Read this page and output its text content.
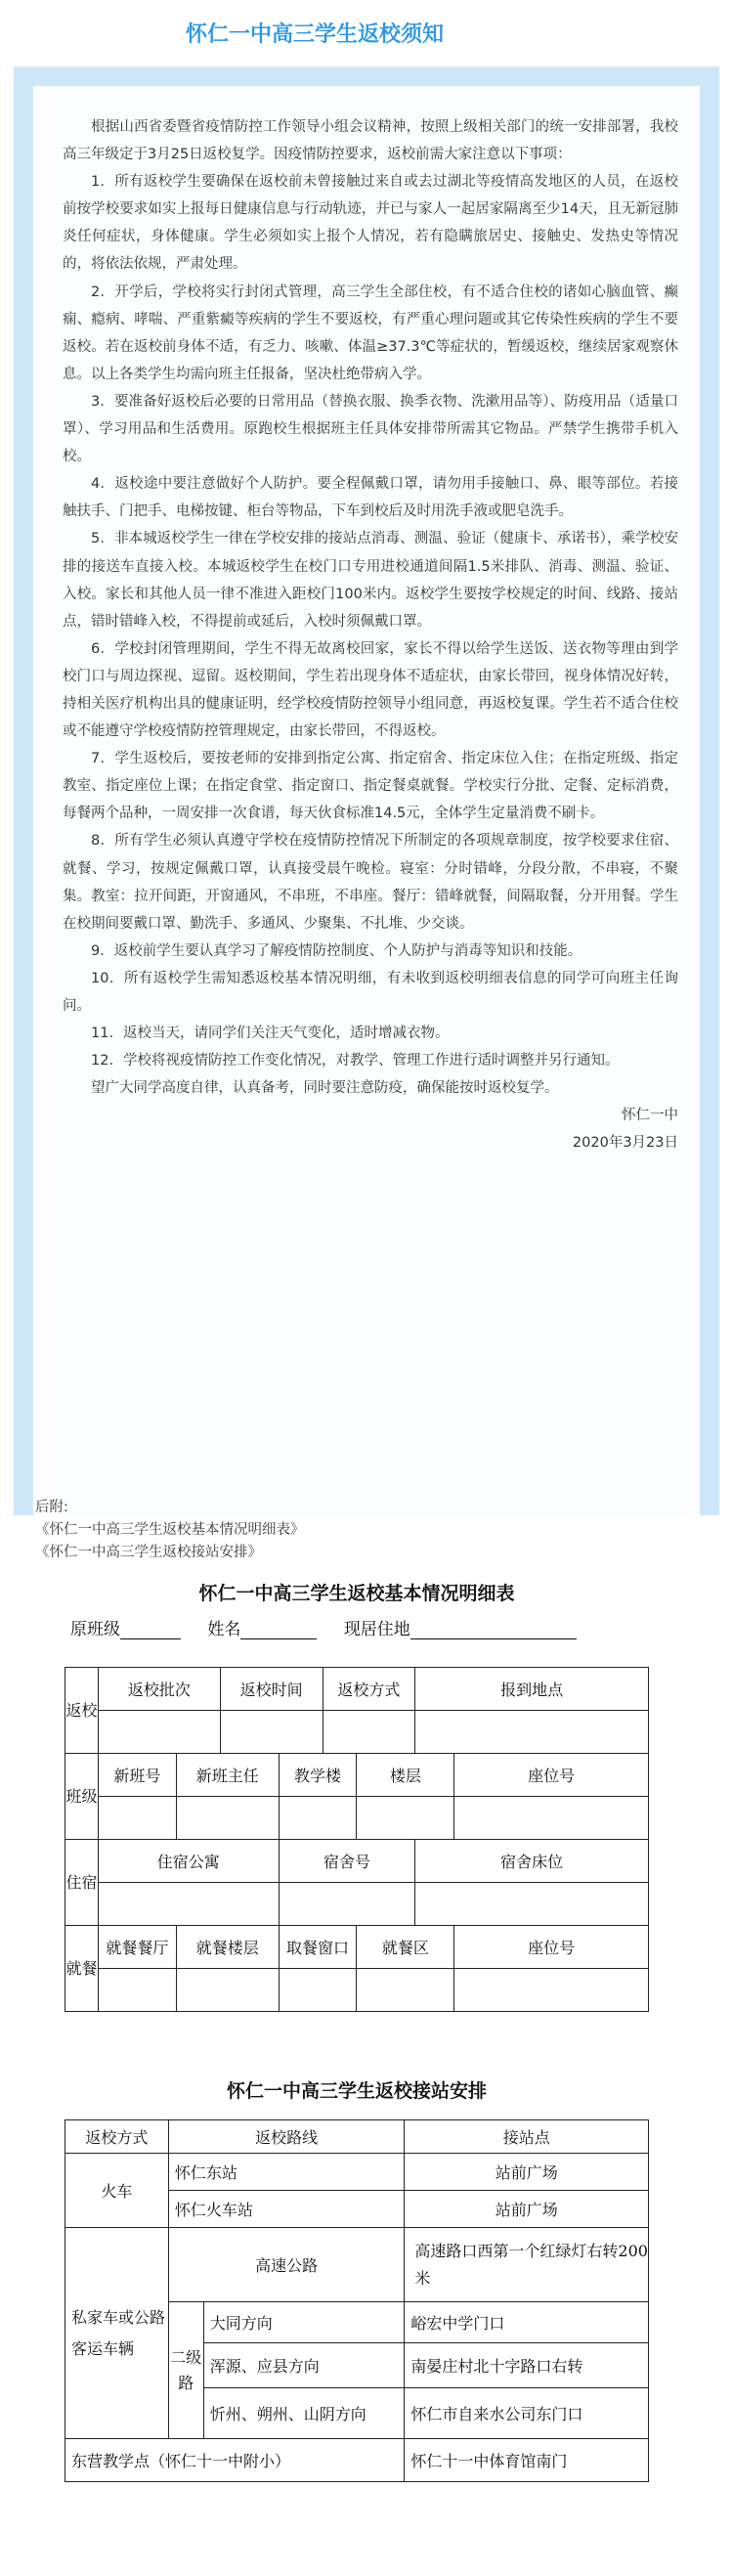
怀仁一中高三学生返校须知

根据山西省委暨省疫情防控工作领导小组会议精神，按照上级相关部门的统一安排部署，我校高三年级定于3月25日返校复学。因疫情防控要求，返校前需大家注意以下事项：

1．所有返校学生要确保在返校前未曾接触过来自或去过湖北等疫情高发地区的人员，在返校前按学校要求如实上报每日健康信息与行动轨迹，并已与家人一起居家隔离至少14天，且无新冠肺炎任何症状，身体健康。学生必须如实上报个人情况，若有隐瞒旅居史、接触史、发热史等情况的，将依法依规，严肃处理。

2．开学后，学校将实行封闭式管理，高三学生全部住校，有不适合住校的诸如心脑血管、癫痫、瘾病、哮喘、严重紫癜等疾病的学生不要返校，有严重心理问题或其它传染性疾病的学生不要返校。若在返校前身体不适，有乏力、咳嗽、体温≥37.3℃等症状的，暂缓返校，继续居家观察休息。以上各类学生均需向班主任报备，坚决杜绝带病入学。

3．要准备好返校后必要的日常用品（替换衣服、换季衣物、洗漱用品等）、防疫用品（适量口罩）、学习用品和生活费用。原跑校生根据班主任具体安排带所需其它物品。严禁学生携带手机入校。

4．返校途中要注意做好个人防护。要全程佩戴口罩，请勿用手接触口、鼻、眼等部位。若接触扶手、门把手、电梯按键、柜台等物品，下车到校后及时用洗手液或肥皂洗手。

5．非本城返校学生一律在学校安排的接站点消毒、测温、验证（健康卡、承诺书），乘学校安排的接送车直接入校。本城返校学生在校门口专用进校通道间隔1.5米排队、消毒、测温、验证、入校。家长和其他人员一律不准进入距校门100米内。返校学生要按学校规定的时间、线路、接站点，错时错峰入校，不得提前或延后，入校时须佩戴口罩。

6．学校封闭管理期间，学生不得无故离校回家，家长不得以给学生送饭、送衣物等理由到学校门口与周边探视、逗留。返校期间，学生若出现身体不适症状，由家长带回，视身体情况好转，持相关医疗机构出具的健康证明，经学校疫情防控领导小组同意，再返校复课。学生若不适合住校或不能遵守学校疫情防控管理规定，由家长带回，不得返校。

7．学生返校后，要按老师的安排到指定公寓、指定宿舍、指定床位入住；在指定班级、指定教室、指定座位上课；在指定食堂、指定窗口、指定餐桌就餐。学校实行分批、定餐、定标消费，每餐两个品种，一周安排一次食谱，每天伙食标准14.5元，全体学生定量消费不刷卡。

8．所有学生必须认真遵守学校在疫情防控情况下所制定的各项规章制度，按学校要求住宿、就餐、学习，按规定佩戴口罩，认真接受晨午晚检。寝室：分时错峰，分段分散，不串寝，不聚集。教室：拉开间距，开窗通风，不串班，不串座。餐厅：错峰就餐，间隔取餐，分开用餐。学生在校期间要戴口罩、勤洗手、多通风、少聚集、不扎堆、少交谈。

9．返校前学生要认真学习了解疫情防控制度、个人防护与消毒等知识和技能。

10．所有返校学生需知悉返校基本情况明细，有未收到返校明细表信息的同学可向班主任询问。

11．返校当天，请同学们关注天气变化，适时增减衣物。

12．学校将视疫情防控工作变化情况，对教学、管理工作进行适时调整并另行通知。

望广大同学高度自律，认真备考，同时要注意防疫，确保能按时返校复学。

怀仁一中

2020年3月23日

后附:
《怀仁一中高三学生返校基本情况明细表》
《怀仁一中高三学生返校接站安排》
怀仁一中高三学生返校基本情况明细表
原班级	姓名	现居住地
返校	返校批次		返校时间		返校方式		报到地点	

班级	新班号	新班主任		教学楼		楼层		座位号

住宿	住宿公寓			宿舍号			宿舍床位	

就餐	就餐餐厅	就餐楼层		取餐窗口		就餐区		座位号

怀仁一中高三学生返校接站安排
返校方式	返校路线		接站点
火车	怀仁东站		站前广场
	怀仁火车站		站前广场
私家车或公路客运车辆	高速公路		高速路口西第一个红绿灯右转200米
	二级路	大同方向	峪宏中学门口
		浑源、应县方向	南晏庄村北十字路口右转
		忻州、朔州、山阴方向	怀仁市自来水公司东门口
东营教学点（怀仁十一中附小）			怀仁十一中体育馆南门
